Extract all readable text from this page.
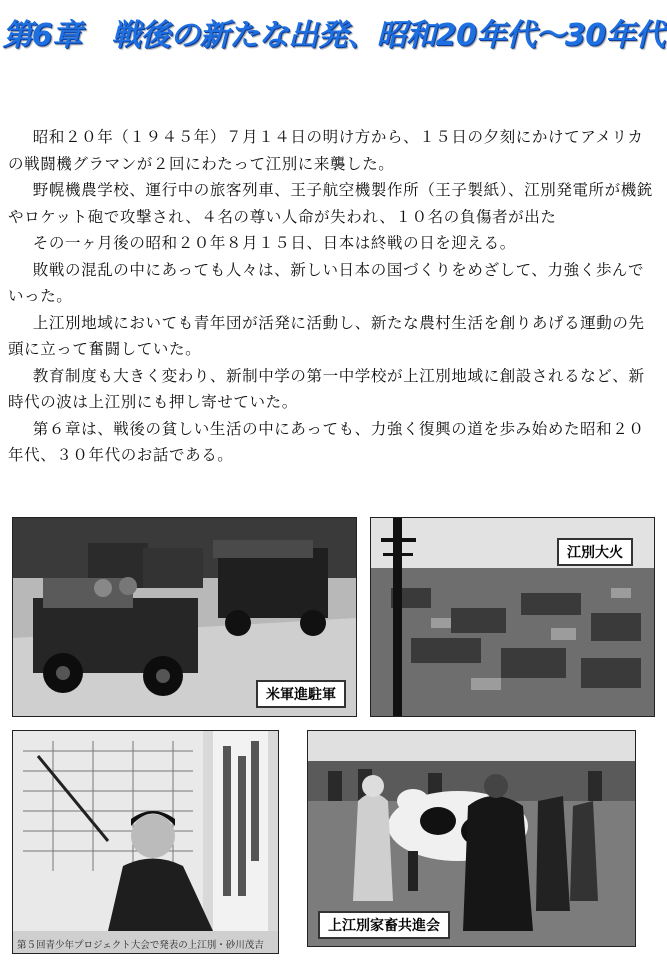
第6章　戦後の新たな出発、昭和20年代〜30年代

昭和２０年（１９４５年）７月１４日の明け方から、１５日の夕刻にかけてアメリカの戦闘機グラマンが２回にわたって江別に来襲した。

野幌機農学校、運行中の旅客列車、王子航空機製作所（王子製紙）、江別発電所が機銃やロケット砲で攻撃され、４名の尊い人命が失われ、１０名の負傷者が出た

その一ヶ月後の昭和２０年８月１５日、日本は終戦の日を迎える。

敗戦の混乱の中にあっても人々は、新しい日本の国づくりをめざして、力強く歩んでいった。

上江別地域においても青年団が活発に活動し、新たな農村生活を創りあげる運動の先頭に立って奮闘していた。

教育制度も大きく変わり、新制中学の第一中学校が上江別地域に創設されるなど、新時代の波は上江別にも押し寄せていた。

第６章は、戦後の貧しい生活の中にあっても、力強く復興の道を歩み始めた昭和２０年代、３０年代のお話である。

米軍進駐軍
江別大火
第５回青少年プロジェクト大会で発表の上江別・砂川茂吉
上江別家畜共進会
